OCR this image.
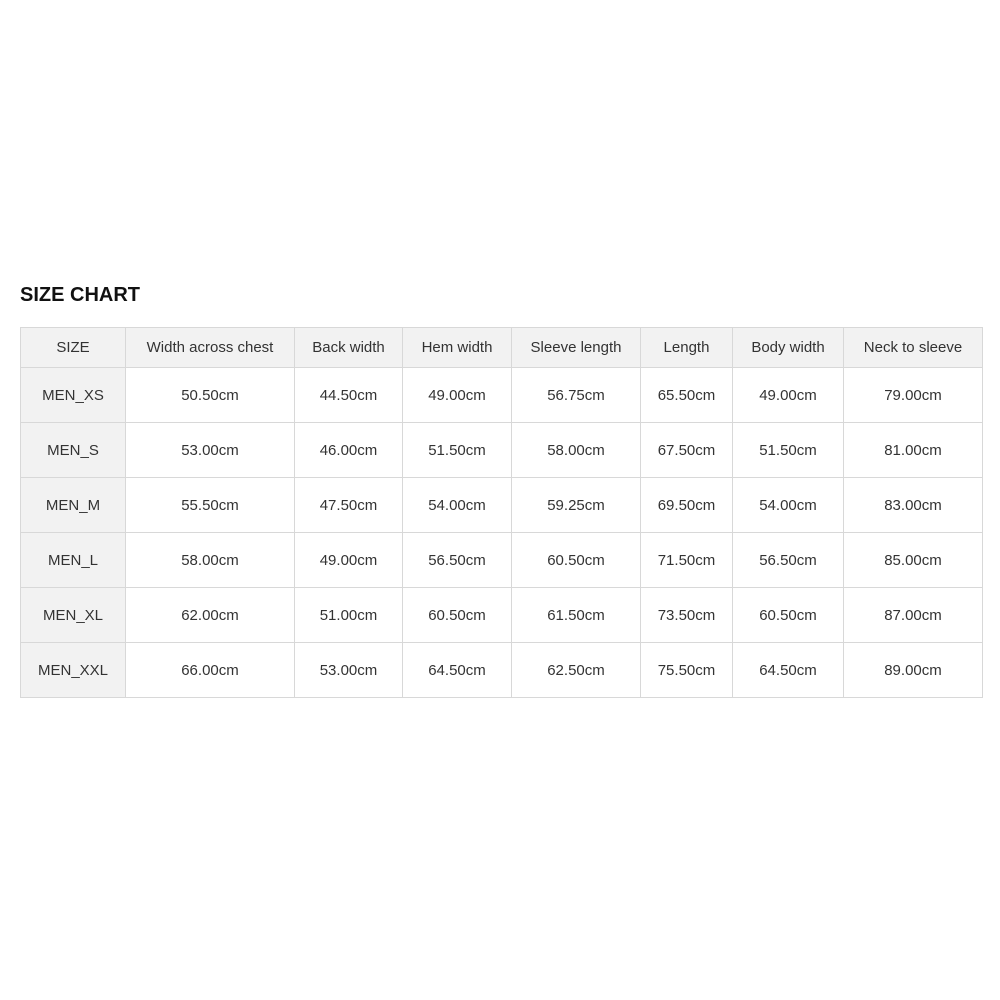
SIZE CHART
SIZE	Width across chest	Back width	Hem width	Sleeve length	Length	Body width	Neck to sleeve
MEN_XS	50.50cm	44.50cm	49.00cm	56.75cm	65.50cm	49.00cm	79.00cm
MEN_S	53.00cm	46.00cm	51.50cm	58.00cm	67.50cm	51.50cm	81.00cm
MEN_M	55.50cm	47.50cm	54.00cm	59.25cm	69.50cm	54.00cm	83.00cm
MEN_L	58.00cm	49.00cm	56.50cm	60.50cm	71.50cm	56.50cm	85.00cm
MEN_XL	62.00cm	51.00cm	60.50cm	61.50cm	73.50cm	60.50cm	87.00cm
MEN_XXL	66.00cm	53.00cm	64.50cm	62.50cm	75.50cm	64.50cm	89.00cm
